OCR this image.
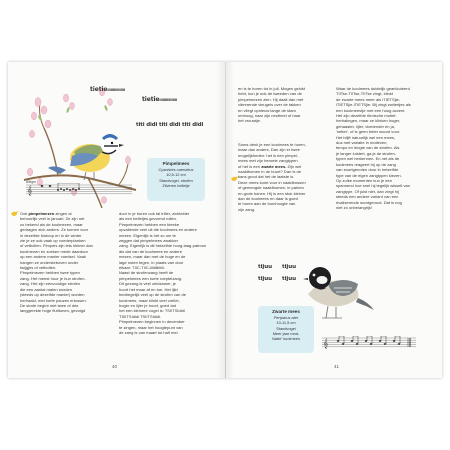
tietieiiiiiiiiiiiiiiii
tietieiiiiiiiiiiiiiiii
titi didi titi didi titi didi
Allegro
𝄞
Pimpelmees
Cyanistes caeruleus
10,5-12 cm
Standvogel, strofen
Zilveren belletje
Ook pimpelmezen zingen al
behoorlijk veel in januari. Ze zijn net
zo bekend als de koolmezen, maar
gedragen zich anders. Ze komen voor
in dezelfde biotoop en in de winter
zie je ze ook vaak op voederplanken
of vetbollen. Pimpels zijn iets kleiner dan
koolmezen en zoeken mede daardoor
op een andere manier voedsel. Vaak
hangen ze ondersteboven onder
twijgjes of vetbollen.
Pimpelmezen hebben twee typen
zang. Het meest hoor je hun strofen-
zang. Het zijn eenvoudige strofen
die een aantal malen worden
(steeds op dezelfde manier) worden
herhaald, met korte pauzes ertussen.
De strofe begint met twee of drie
langgerekte hoge fluittonen, gevolgd
door in je buren ook tal triller, zichtelder
als een belletjes gevormd rollen.
Pimpelmezen hebben een bleeke
opvallende veel uit die koolmees en andere
mezen. Eigenlijk is het zo om te
zeggen dat pimpelmees zwakker
zang. Eigenlijk is dit hetzelfde hoog-laag-patroon
als dat van de koolmees en andere
mezen, maar dan met de hoge en de
lage noten tegen, in plaats van door
elkaar: TIIC-TIIC-iiiiiiiiiiiiiii.
Naast de strofenzang heeft de
pimpelmees een korte roeptelzang.
Dit gezang is veel zeldzamer, je
hoort het maar af en toe. Het lijkt
bedriegelijk veel op de strofen van de
koolmees, maar klinkt veel vreller,
hoger en iijler je hoort, goed dat
het een kleinere vogel is: TSIITSIdidi
TSIITSIdidi TSIITSIdidi.
Pimpelmezen beginnen in december
te zingen, maar het hoogtepunt van
de zang is van maart tot half mei.
40
en is te horen tot in juli. Mogen gelukt
hebt, kun je ook de tweeden van de
pimpelmezen zien. Hij daalt dan met
vibrerende vleugels over de takken
en vliegt opnieuw lange de stam
omhoog, naar zijn nestheel of naar
het vrouwtje.
Soms denk je een koolmees te horen,
maar dan anders. Dan zijn er twee
mogelijkheden: het is een pimpel-
mees met zijn beroete zangtypen
of het is een zwarte mees. Zijn wel
naaldbomen in de buurt? Dan is de
kans groot dat het de laatste is.
Deze mees komt voor in naaldbossen
of gemengde naaldbomen, in parken
en grote tuinen. Hij is een stuk kleiner
dan de koolmees en daar is goed
te horen aan de toonhoogte van
zijn zang.
Waar de koolmees duidelijk gearticuleerd
TIITse-TIITse-TIITse zingt, klinkt
de zwarte mees meer als iTIETSjie-
iTIETSjie-iTIETSjie. Bij zingt zwitertjes als
een koolmeestje met een hoog accent.
Het zijn dezelfde ritmische motief-
herhalingen, maar ze klinken hoger,
gehaaster, lijler, vloeiender en ja,
'netter', of is geen beter woord voor.
Het blijft natuurlijk wel een mees,
dus met variatie in motieven,
tempo en lengte van de strofen. Als
je langer luistert, ga je de strofen-
typen wel herkennen. En net als de
koolmees reageert hij op de zang
van soortgenoten door in hetzelfde
type van de eigen zangtypen kiezen.
Op zulke momenten kun je een
spannend hoe snel hij tegelijk wisselt van
zangtype. Of juist niet, dan zingt hij
steeds een andere variant van een
rivaliserende soortgenoot. Dat is nog
niet zo onbelangrijk!
tijuu tijuu
tijuu tijuu
Zwarte mees
Periparus ater
10-11,5 cm
Standvogel
Meer jaar rond-
Natte' koolmees
𝄞
41
